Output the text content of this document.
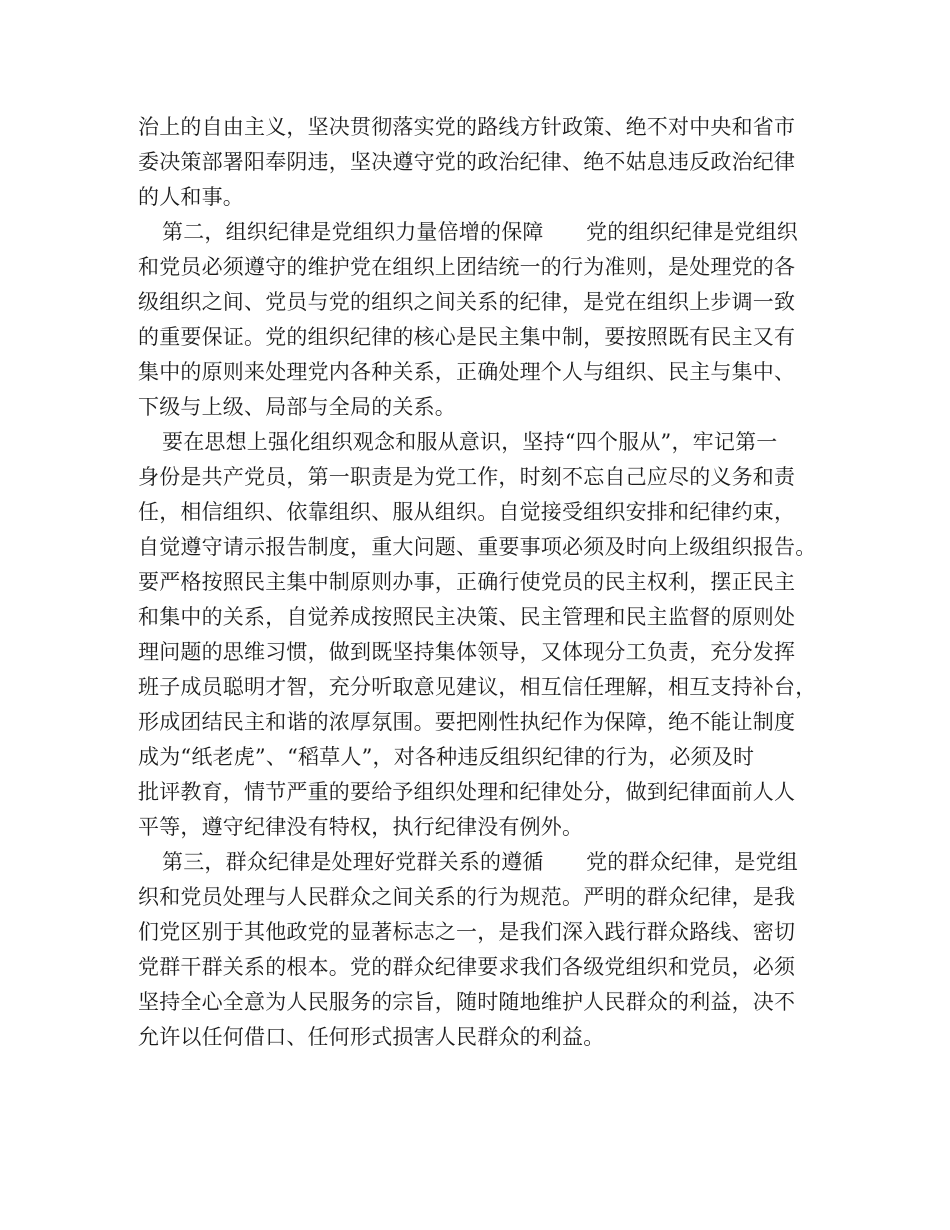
治上的自由主义，坚决贯彻落实党的路线方针政策、绝不对中央和省市
委决策部署阳奉阴违，坚决遵守党的政治纪律、绝不姑息违反政治纪律
的人和事。
第二，组织纪律是党组织力量倍增的保障　　党的组织纪律是党组织
和党员必须遵守的维护党在组织上团结统一的行为准则，是处理党的各
级组织之间、党员与党的组织之间关系的纪律，是党在组织上步调一致
的重要保证。党的组织纪律的核心是民主集中制，要按照既有民主又有
集中的原则来处理党内各种关系，正确处理个人与组织、民主与集中、
下级与上级、局部与全局的关系。
要在思想上强化组织观念和服从意识，坚持“四个服从”，牢记第一
身份是共产党员，第一职责是为党工作，时刻不忘自己应尽的义务和责
任，相信组织、依靠组织、服从组织。自觉接受组织安排和纪律约束，
自觉遵守请示报告制度，重大问题、重要事项必须及时向上级组织报告。
要严格按照民主集中制原则办事，正确行使党员的民主权利，摆正民主
和集中的关系，自觉养成按照民主决策、民主管理和民主监督的原则处
理问题的思维习惯，做到既坚持集体领导，又体现分工负责，充分发挥
班子成员聪明才智，充分听取意见建议，相互信任理解，相互支持补台，
形成团结民主和谐的浓厚氛围。要把刚性执纪作为保障，绝不能让制度
成为“纸老虎”、“稻草人”，对各种违反组织纪律的行为，必须及时
批评教育，情节严重的要给予组织处理和纪律处分，做到纪律面前人人
平等，遵守纪律没有特权，执行纪律没有例外。
第三，群众纪律是处理好党群关系的遵循　　党的群众纪律，是党组
织和党员处理与人民群众之间关系的行为规范。严明的群众纪律，是我
们党区别于其他政党的显著标志之一，是我们深入践行群众路线、密切
党群干群关系的根本。党的群众纪律要求我们各级党组织和党员，必须
坚持全心全意为人民服务的宗旨，随时随地维护人民群众的利益，决不
允许以任何借口、任何形式损害人民群众的利益。
